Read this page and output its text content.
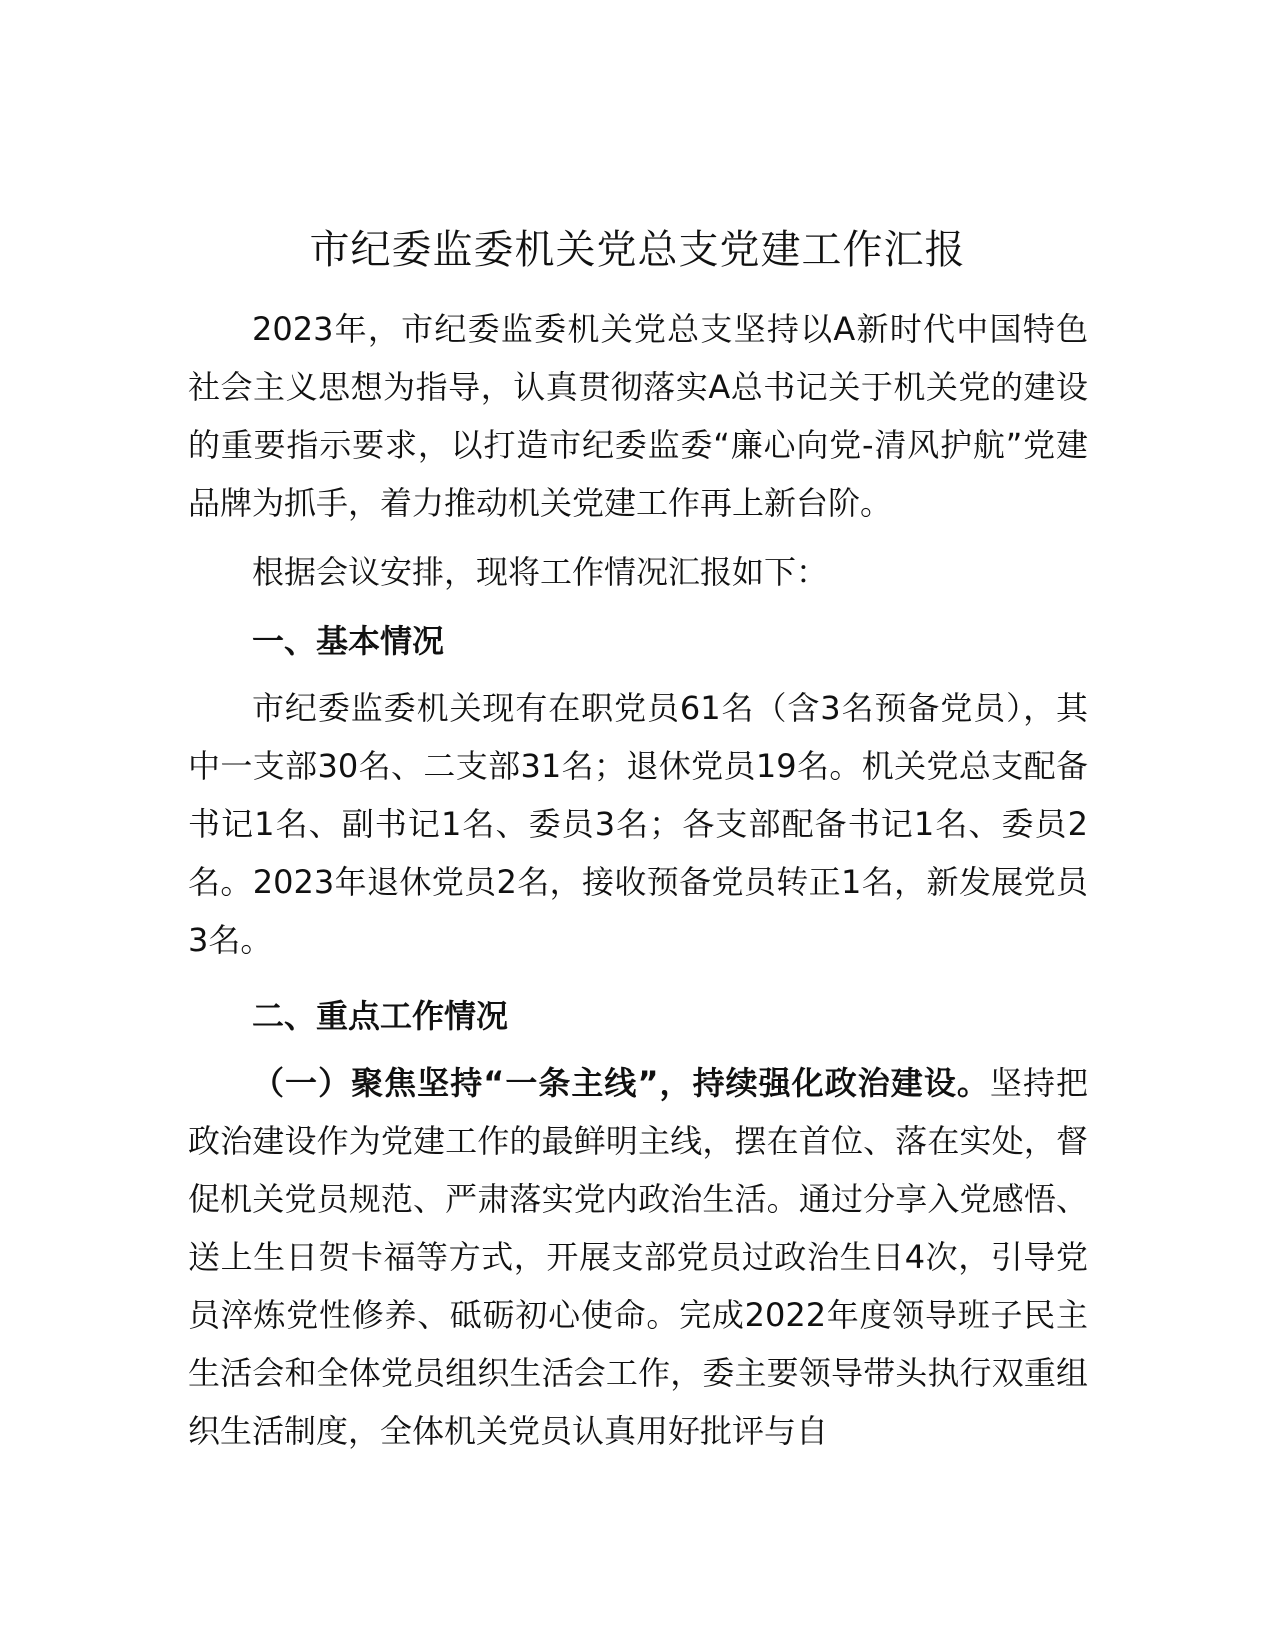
市纪委监委机关党总支党建工作汇报

2023年，市纪委监委机关党总支坚持以A新时代中国特色社会主义思想为指导，认真贯彻落实A总书记关于机关党的建设的重要指示要求，以打造市纪委监委“廉心向党-清风护航”党建品牌为抓手，着力推动机关党建工作再上新台阶。

根据会议安排，现将工作情况汇报如下：

一、基本情况

市纪委监委机关现有在职党员61名（含3名预备党员），其中一支部30名、二支部31名；退休党员19名。机关党总支配备书记1名、副书记1名、委员3名；各支部配备书记1名、委员2名。2023年退休党员2名，接收预备党员转正1名，新发展党员3名。

二、重点工作情况

（一）聚焦坚持“一条主线”，持续强化政治建设。坚持把政治建设作为党建工作的最鲜明主线，摆在首位、落在实处，督促机关党员规范、严肃落实党内政治生活。通过分享入党感悟、送上生日贺卡福等方式，开展支部党员过政治生日4次，引导党员淬炼党性修养、砥砺初心使命。完成2022年度领导班子民主生活会和全体党员组织生活会工作，委主要领导带头执行双重组织生活制度，全体机关党员认真用好批评与自
